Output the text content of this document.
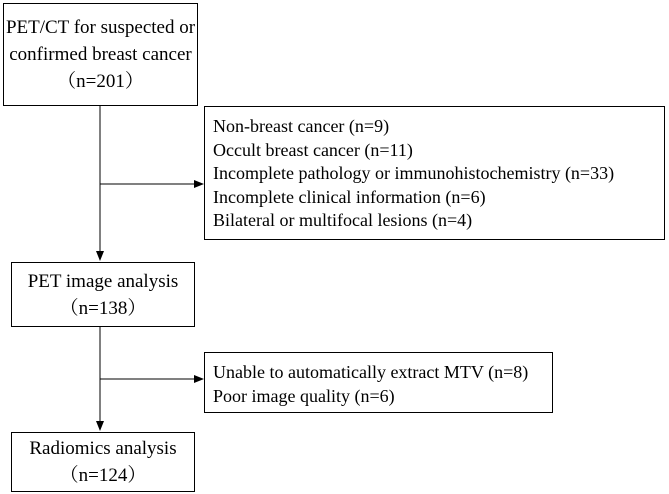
PET/CT for suspected or
confirmed breast cancer
（n=201）
Non-breast cancer (n=9)
Occult breast cancer (n=11)
Incomplete pathology or immunohistochemistry (n=33)
Incomplete clinical information (n=6)
Bilateral or multifocal lesions (n=4)
PET image analysis
（n=138）
Unable to automatically extract MTV (n=8)
Poor image quality (n=6)
Radiomics analysis
（n=124）
